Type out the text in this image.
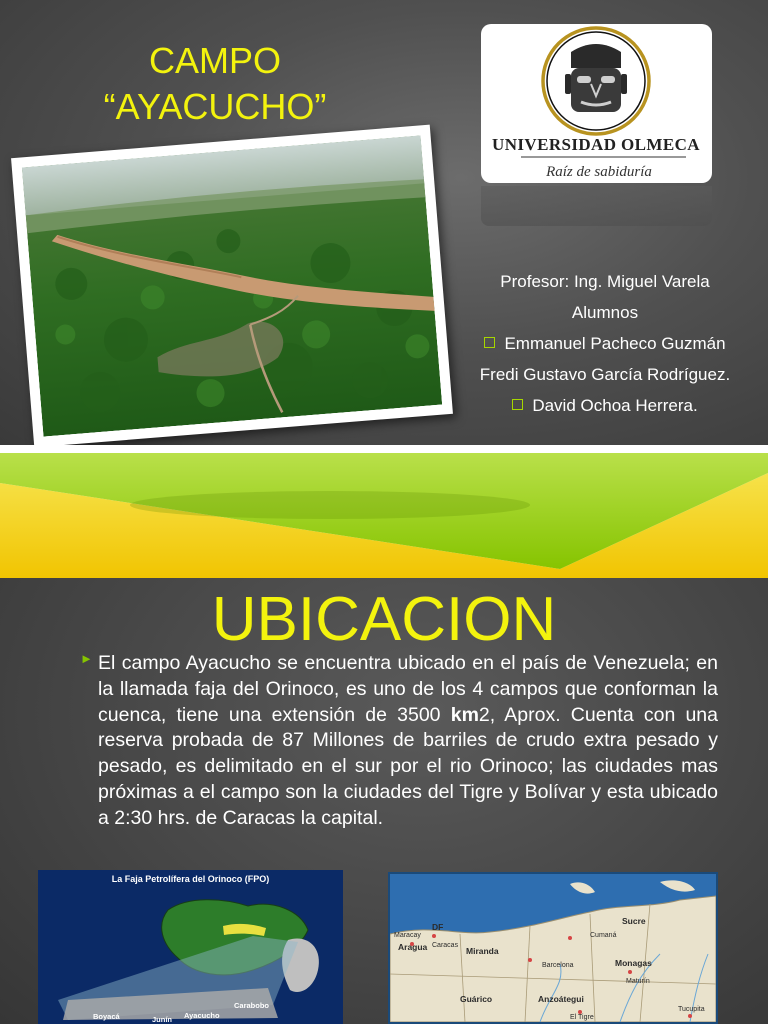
CAMPO
“AYACUCHO”
UNIVERSIDAD OLMECA
Raíz de sabiduría
Profesor: Ing. Miguel Varela
Alumnos
Emmanuel Pacheco Guzmán
Fredi Gustavo García Rodríguez.
David Ochoa Herrera.
UBICACION
► El campo Ayacucho se encuentra ubicado en el país de Venezuela; en la llamada faja del Orinoco, es uno de los 4 campos que conforman la cuenca, tiene una extensión de 3500 km2, Aprox. Cuenta con una reserva probada de 87 Millones de barriles de crudo extra pesado y pesado, es delimitado en el sur por el rio Orinoco; las ciudades mas próximas a el campo son la ciudades del Tigre y Bolívar y esta ubicado a 2:30 hrs. de Caracas la capital.
La Faja Petrolífera del Orinoco (FPO)
Boyacá	Junín Ayacucho
Carabobo
Maracay
DF
Caracas
Aragua	Miranda
Sucre
Cumaná
Barcelona	Monagas
Maturín
Guárico	Anzoátegui
El Tigre
Tucupita
